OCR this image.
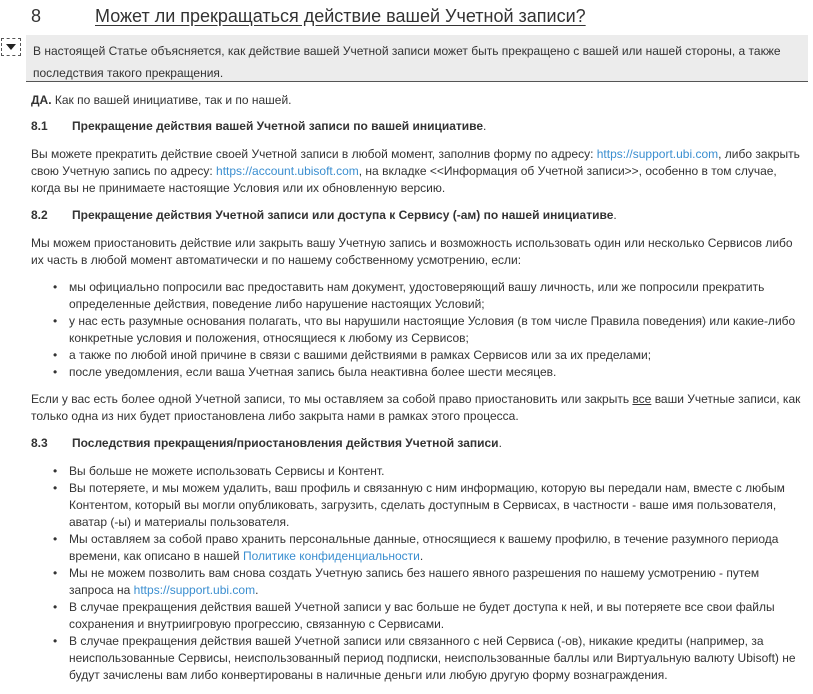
8	Может ли прекращаться действие вашей Учетной записи?
В настоящей Статье объясняется, как действие вашей Учетной записи может быть прекращено с вашей или нашей стороны, а также последствия такого прекращения.

ДА. Как по вашей инициативе, так и по нашей.

8.1 Прекращение действия вашей Учетной записи по вашей инициативе.

Вы можете прекратить действие своей Учетной записи в любой момент, заполнив форму по адресу: https://support.ubi.com, либо закрыть свою Учетную запись по адресу: https://account.ubisoft.com, на вкладке <<Информация об Учетной записи>>, особенно в том случае, когда вы не принимаете настоящие Условия или их обновленную версию.

8.2 Прекращение действия Учетной записи или доступа к Сервису (-ам) по нашей инициативе.

Мы можем приостановить действие или закрыть вашу Учетную запись и возможность использовать один или несколько Сервисов либо их часть в любой момент автоматически и по нашему собственному усмотрению, если:

• мы официально попросили вас предоставить нам документ, удостоверяющий вашу личность, или же попросили прекратить определенные действия, поведение либо нарушение настоящих Условий;
• у нас есть разумные основания полагать, что вы нарушили настоящие Условия (в том числе Правила поведения) или какие-либо конкретные условия и положения, относящиеся к любому из Сервисов;
• а также по любой иной причине в связи с вашими действиями в рамках Сервисов или за их пределами;
• после уведомления, если ваша Учетная запись была неактивна более шести месяцев.

Если у вас есть более одной Учетной записи, то мы оставляем за собой право приостановить или закрыть все ваши Учетные записи, как только одна из них будет приостановлена либо закрыта нами в рамках этого процесса.

8.3 Последствия прекращения/приостановления действия Учетной записи.
• Вы больше не можете использовать Сервисы и Контент.
• Вы потеряете, и мы можем удалить, ваш профиль и связанную с ним информацию, которую вы передали нам, вместе с любым Контентом, который вы могли опубликовать, загрузить, сделать доступным в Сервисах, в частности - ваше имя пользователя, аватар (-ы) и материалы пользователя.
• Мы оставляем за собой право хранить персональные данные, относящиеся к вашему профилю, в течение разумного периода времени, как описано в нашей Политике конфиденциальности.
• Мы не можем позволить вам снова создать Учетную запись без нашего явного разрешения по нашему усмотрению - путем запроса на https://support.ubi.com.
• В случае прекращения действия вашей Учетной записи у вас больше не будет доступа к ней, и вы потеряете все свои файлы сохранения и внутриигровую прогрессию, связанную с Сервисами.
• В случае прекращения действия вашей Учетной записи или связанного с ней Сервиса (-ов), никакие кредиты (например, за неиспользованные Сервисы, неиспользованный период подписки, неиспользованные баллы или Виртуальную валюту Ubisoft) не будут зачислены вам либо конвертированы в наличные деньги или любую другую форму вознаграждения.
